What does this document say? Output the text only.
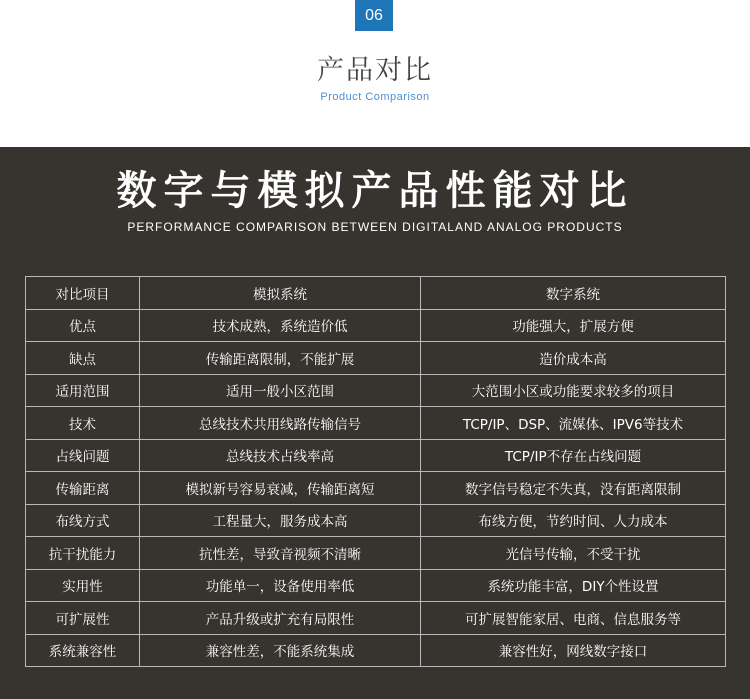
06
产品对比
Product Comparison
数字与模拟产品性能对比
PERFORMANCE COMPARISON BETWEEN DIGITALAND ANALOG PRODUCTS
对比项目	模拟系统	数字系统
优点	技术成熟，系统造价低	功能强大，扩展方便
缺点	传输距离限制，不能扩展	造价成本高
适用范围	适用一般小区范围	大范围小区或功能要求较多的项目
技术	总线技术共用线路传输信号	TCP/IP、DSP、流媒体、IPV6等技术
占线问题	总线技术占线率高	TCP/IP不存在占线问题
传输距离	模拟新号容易衰减，传输距离短	数字信号稳定不失真，没有距离限制
布线方式	工程量大，服务成本高	布线方便，节约时间、人力成本
抗干扰能力	抗性差，导致音视频不清晰	光信号传输，不受干扰
实用性	功能单一，设备使用率低	系统功能丰富，DIY个性设置
可扩展性	产品升级或扩充有局限性	可扩展智能家居、电商、信息服务等
系统兼容性	兼容性差，不能系统集成	兼容性好，网线数字接口
